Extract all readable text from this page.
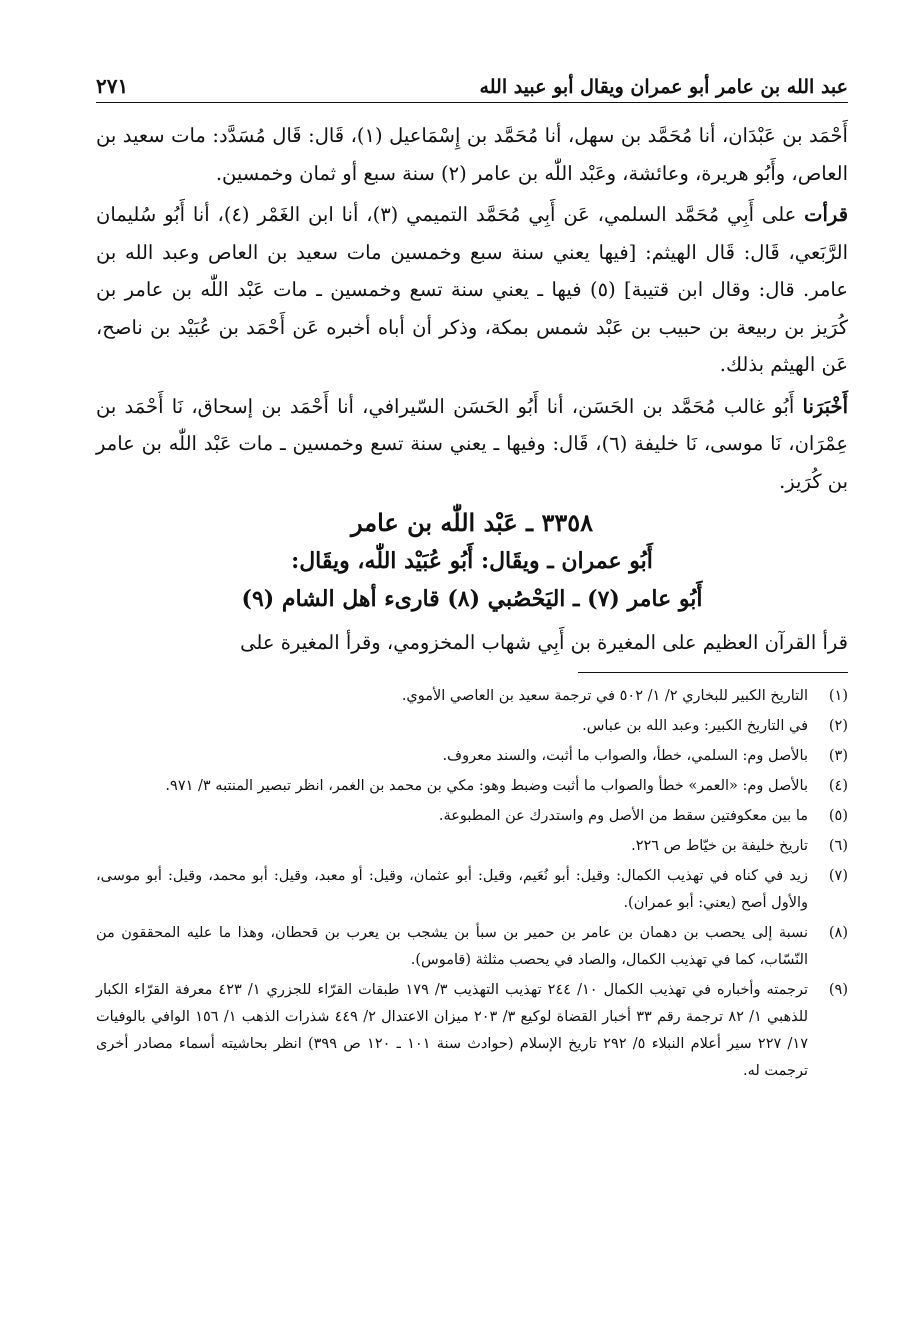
عبد الله بن عامر أبو عمران ويقال أبو عبيد الله
٢٧١

أَحْمَد بن عَبْدَان، أنا مُحَمَّد بن سهل، أنا مُحَمَّد بن إِسْمَاعيل (١)، قَال: قَال مُسَدَّد: مات سعيد بن العاص، وأَبُو هريرة، وعائشة، وعَبْد اللّٰه بن عامر (٢) سنة سبع أو ثمان وخمسين.

قرأت على أَبِي مُحَمَّد السلمي، عَن أَبِي مُحَمَّد التميمي (٣)، أنا ابن الغَمْر (٤)، أنا أَبُو سُليمان الرَّبَعي، قَال: قَال الهيثم: [فيها يعني سنة سبع وخمسين مات سعيد بن العاص وعبد الله بن عامر. قال: وقال ابن قتيبة] (٥) فيها ـ يعني سنة تسع وخمسين ـ مات عَبْد اللّٰه بن عامر بن كُرَيز بن ربيعة بن حبيب بن عَبْد شمس بمكة، وذكر أن أباه أخبره عَن أَحْمَد بن عُبَيْد بن ناصح، عَن الهيثم بذلك.

أَخْبَرَنا أَبُو غالب مُحَمَّد بن الحَسَن، أنا أَبُو الحَسَن السّيرافي، أنا أَحْمَد بن إسحاق، نَا أَحْمَد بن عِمْرَان، نَا موسى، نَا خليفة (٦)، قَال: وفيها ـ يعني سنة تسع وخمسين ـ مات عَبْد اللّٰه بن عامر بن كُرَيز.

٣٣٥٨ ـ عَبْد اللّٰه بن عامر
أَبُو عمران ـ ويقَال: أَبُو عُبَيْد اللّٰه، ويقَال:
أَبُو عامر (٧) ـ اليَحْصُبي (٨) قارىء أهل الشام (٩)

قرأ القرآن العظيم على المغيرة بن أَبِي شهاب المخزومي، وقرأ المغيرة على

(١)
التاريخ الكبير للبخاري ٢/ ١/ ٥٠٢ في ترجمة سعيد بن العاصي الأموي.
(٢)
في التاريخ الكبير: وعبد الله بن عباس.
(٣)
بالأصل وم: السلمي، خطأ، والصواب ما أثبت، والسند معروف.
(٤)
بالأصل وم: «العمر» خطأ والصواب ما أثبت وضبط وهو: مكي بن محمد بن الغمر، انظر تبصير المنتبه ٣/ ٩٧١.
(٥)
ما بين معكوفتين سقط من الأصل وم واستدرك عن المطبوعة.
(٦)
تاريخ خليفة بن خيّاط ص ٢٢٦.
(٧)
زيد في كناه في تهذيب الكمال: وقيل: أبو نُعَيم، وقيل: أبو عثمان، وقيل: أو معبد، وقيل: أبو محمد، وقيل: أبو موسى، والأول أصح (يعني: أبو عمران).
(٨)
نسبة إلى يحصب بن دهمان بن عامر بن حمير بن سبأ بن يشجب بن يعرب بن قحطان، وهذا ما عليه المحققون من النّسّاب، كما في تهذيب الكمال، والصاد في يحصب مثلثة (قاموس).
(٩)
ترجمته وأخباره في تهذيب الكمال ١٠/ ٢٤٤ تهذيب التهذيب ٣/ ١٧٩ طبقات القرّاء للجزري ١/ ٤٢٣ معرفة القرّاء الكبار للذهبي ١/ ٨٢ ترجمة رقم ٣٣ أخبار القضاة لوكيع ٣/ ٢٠٣ ميزان الاعتدال ٢/ ٤٤٩ شذرات الذهب ١/ ١٥٦ الوافي بالوفيات ١٧/ ٢٢٧ سير أعلام النبلاء ٥/ ٢٩٢ تاريخ الإسلام (حوادث سنة ١٠١ ـ ١٢٠ ص ٣٩٩) انظر بحاشيته أسماء مصادر أخرى ترجمت له.
